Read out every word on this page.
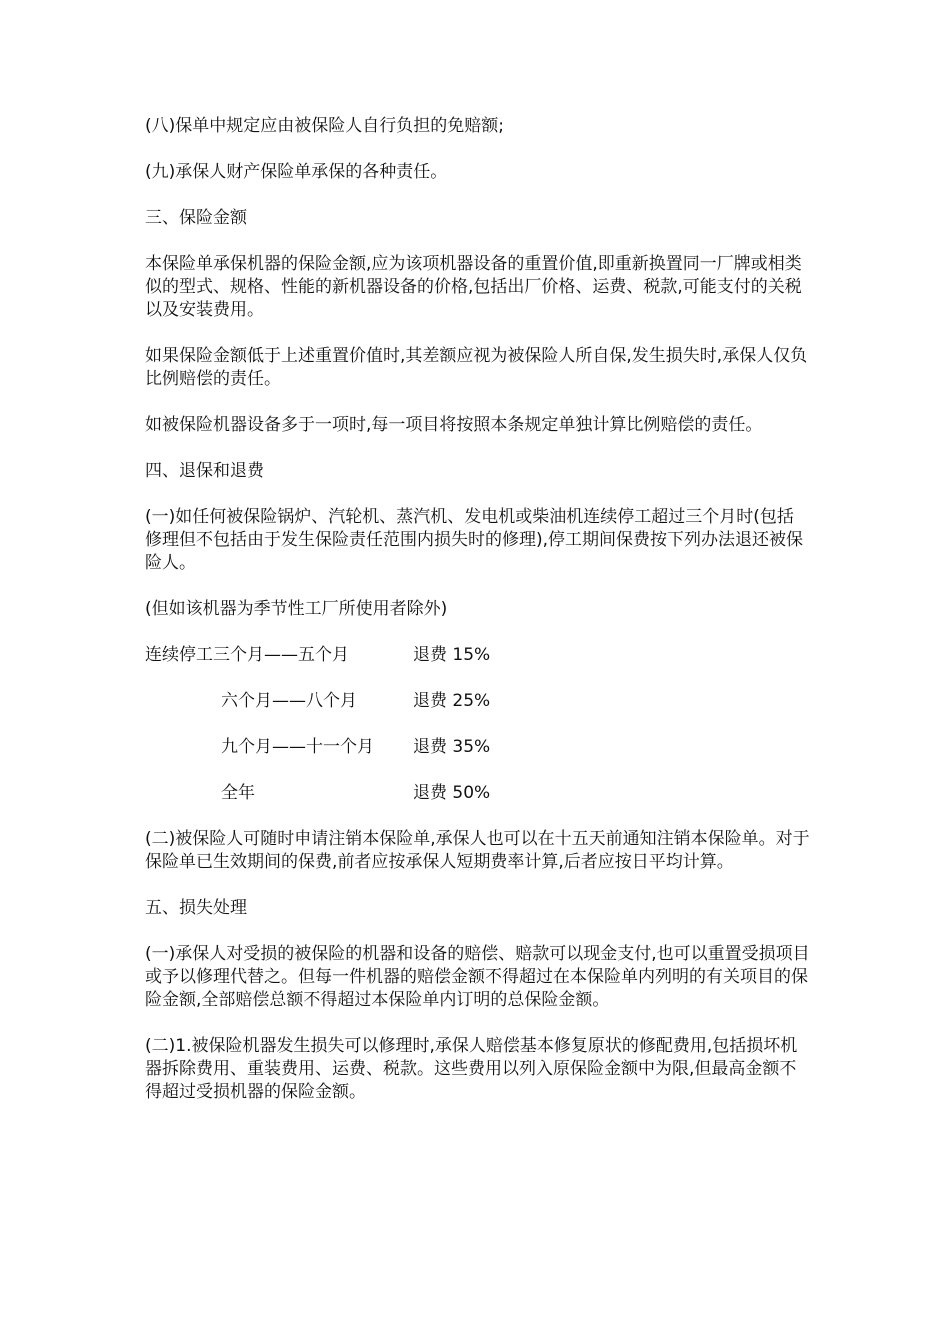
(八)保单中规定应由被保险人自行负担的免赔额;

(九)承保人财产保险单承保的各种责任。

三、保险金额

本保险单承保机器的保险金额,应为该项机器设备的重置价值,即重新换置同一厂牌或相类似的型式、规格、性能的新机器设备的价格,包括出厂价格、运费、税款,可能支付的关税以及安装费用。

如果保险金额低于上述重置价值时,其差额应视为被保险人所自保,发生损失时,承保人仅负比例赔偿的责任。

如被保险机器设备多于一项时,每一项目将按照本条规定单独计算比例赔偿的责任。

四、退保和退费

(一)如任何被保险锅炉、汽轮机、蒸汽机、发电机或柴油机连续停工超过三个月时(包括修理但不包括由于发生保险责任范围内损失时的修理),停工期间保费按下列办法退还被保险人。

(但如该机器为季节性工厂所使用者除外)

连续停工三个月——五个月	退费 15%
六个月——八个月	退费 25%
九个月——十一个月 退费 35%
全年	退费 50%

(二)被保险人可随时申请注销本保险单,承保人也可以在十五天前通知注销本保险单。对于保险单已生效期间的保费,前者应按承保人短期费率计算,后者应按日平均计算。

五、损失处理

(一)承保人对受损的被保险的机器和设备的赔偿、赔款可以现金支付,也可以重置受损项目或予以修理代替之。但每一件机器的赔偿金额不得超过在本保险单内列明的有关项目的保险金额,全部赔偿总额不得超过本保险单内订明的总保险金额。

(二)1.被保险机器发生损失可以修理时,承保人赔偿基本修复原状的修配费用,包括损坏机器拆除费用、重装费用、运费、税款。这些费用以列入原保险金额中为限,但最高金额不得超过受损机器的保险金额。
